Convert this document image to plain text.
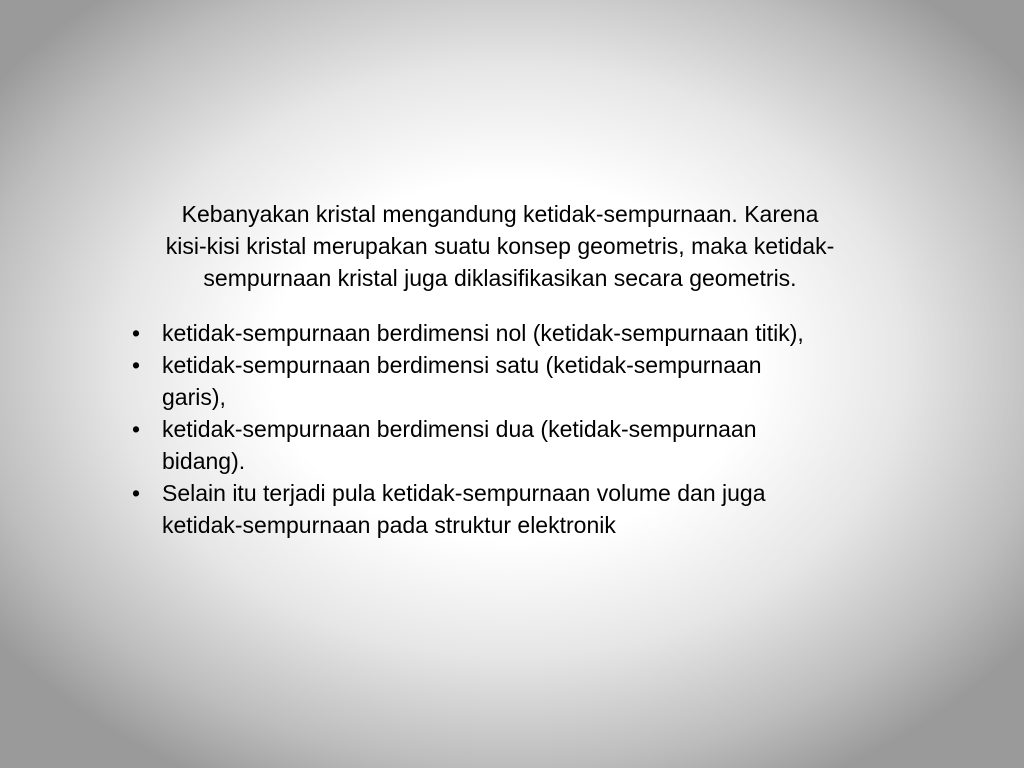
Kebanyakan kristal mengandung ketidak-sempurnaan. Karena
kisi-kisi kristal merupakan suatu konsep geometris, maka ketidak-
sempurnaan kristal juga diklasifikasikan secara geometris.
• ketidak-sempurnaan berdimensi nol (ketidak-sempurnaan titik),
• ketidak-sempurnaan berdimensi satu (ketidak-sempurnaan
garis),
• ketidak-sempurnaan berdimensi dua (ketidak-sempurnaan
bidang).
• Selain itu terjadi pula ketidak-sempurnaan volume dan juga
ketidak-sempurnaan pada struktur elektronik
